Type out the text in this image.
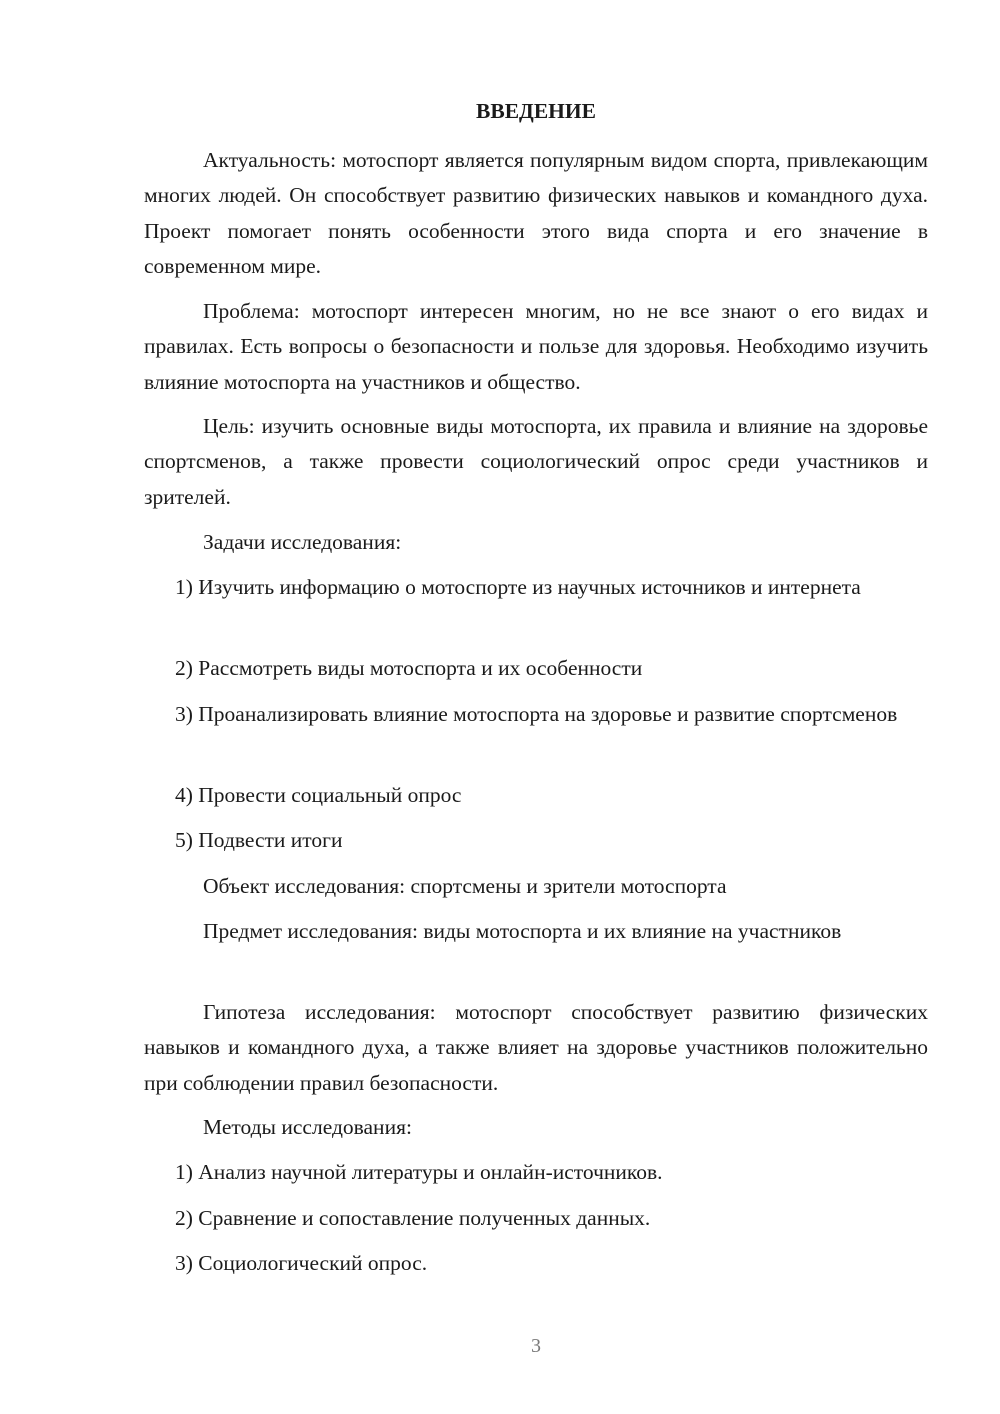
ВВЕДЕНИЕ

Актуальность: мотоспорт является популярным видом спорта, привлекающим многих людей. Он способствует развитию физических навыков и командного духа. Проект помогает понять особенности этого вида спорта и его значение в современном мире.

Проблема: мотоспорт интересен многим, но не все знают о его видах и правилах. Есть вопросы о безопасности и пользе для здоровья. Необходимо изучить влияние мотоспорта на участников и общество.

Цель: изучить основные виды мотоспорта, их правила и влияние на здоровье спортсменов, а также провести социологический опрос среди участников и зрителей.

Задачи исследования:

1) Изучить информацию о мотоспорте из научных источников и интернета

2) Рассмотреть виды мотоспорта и их особенности

3) Проанализировать влияние мотоспорта на здоровье и развитие спортсменов

4) Провести социальный опрос

5) Подвести итоги

Объект исследования: спортсмены и зрители мотоспорта

Предмет исследования: виды мотоспорта и их влияние на участников

Гипотеза исследования: мотоспорт способствует развитию физических навыков и командного духа, а также влияет на здоровье участников положительно при соблюдении правил безопасности.

Методы исследования:

1) Анализ научной литературы и онлайн-источников.

2) Сравнение и сопоставление полученных данных.

3) Социологический опрос.

3
